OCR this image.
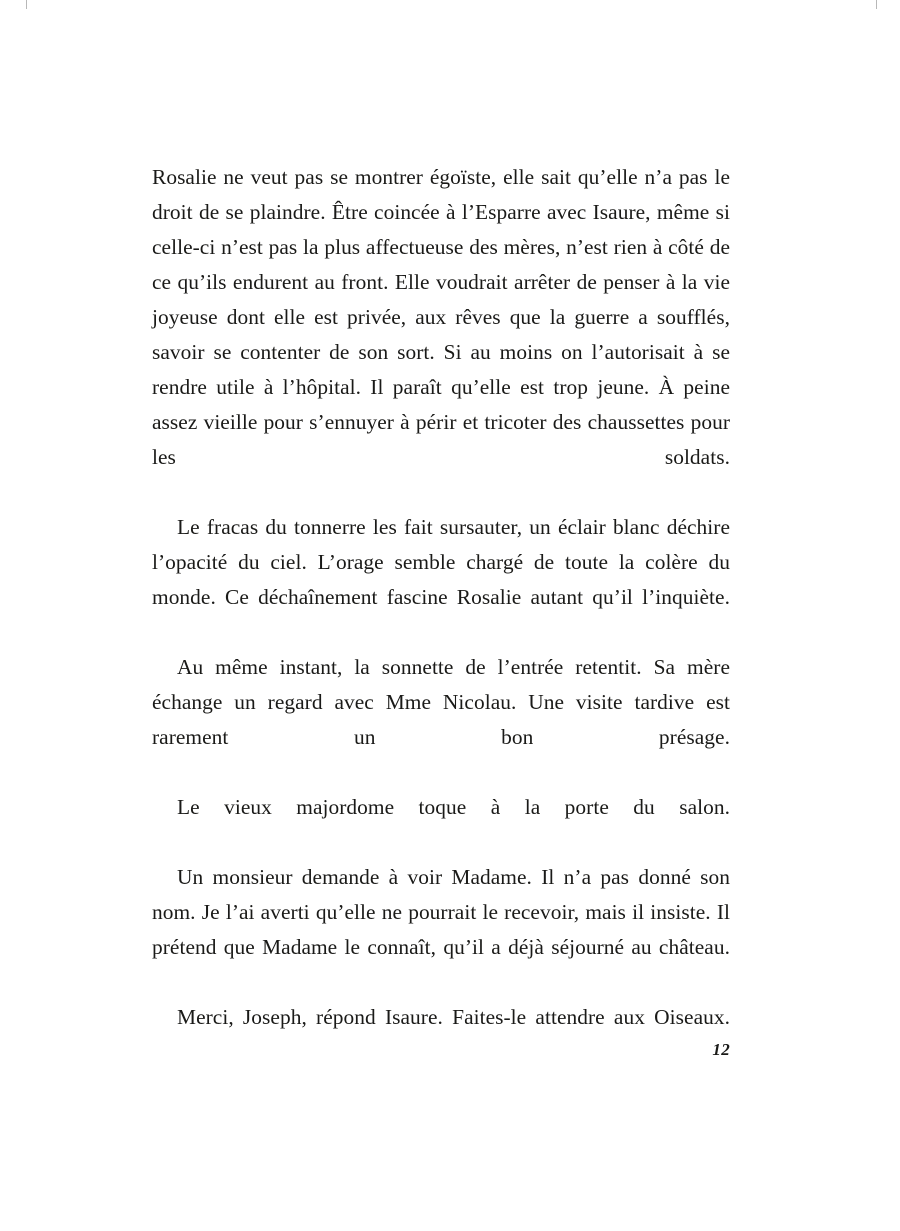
Rosalie ne veut pas se montrer égoïste, elle sait qu’elle n’a pas le droit de se plaindre. Être coincée à l’Esparre avec Isaure, même si celle-ci n’est pas la plus affectueuse des mères, n’est rien à côté de ce qu’ils endurent au front. Elle voudrait arrêter de penser à la vie joyeuse dont elle est privée, aux rêves que la guerre a soufflés, savoir se contenter de son sort. Si au moins on l’autorisait à se rendre utile à l’hôpital. Il paraît qu’elle est trop jeune. À peine assez vieille pour s’ennuyer à périr et tricoter des chaussettes pour les soldats.

Le fracas du tonnerre les fait sursauter, un éclair blanc déchire l’opacité du ciel. L’orage semble chargé de toute la colère du monde. Ce déchaînement fascine Rosalie autant qu’il l’inquiète.

Au même instant, la sonnette de l’entrée retentit. Sa mère échange un regard avec Mme Nicolau. Une visite tardive est rarement un bon présage.

Le vieux majordome toque à la porte du salon.

Un monsieur demande à voir Madame. Il n’a pas donné son nom. Je l’ai averti qu’elle ne pourrait le recevoir, mais il insiste. Il prétend que Madame le connaît, qu’il a déjà séjourné au château.

Merci, Joseph, répond Isaure. Faites-le attendre aux Oiseaux.

12
